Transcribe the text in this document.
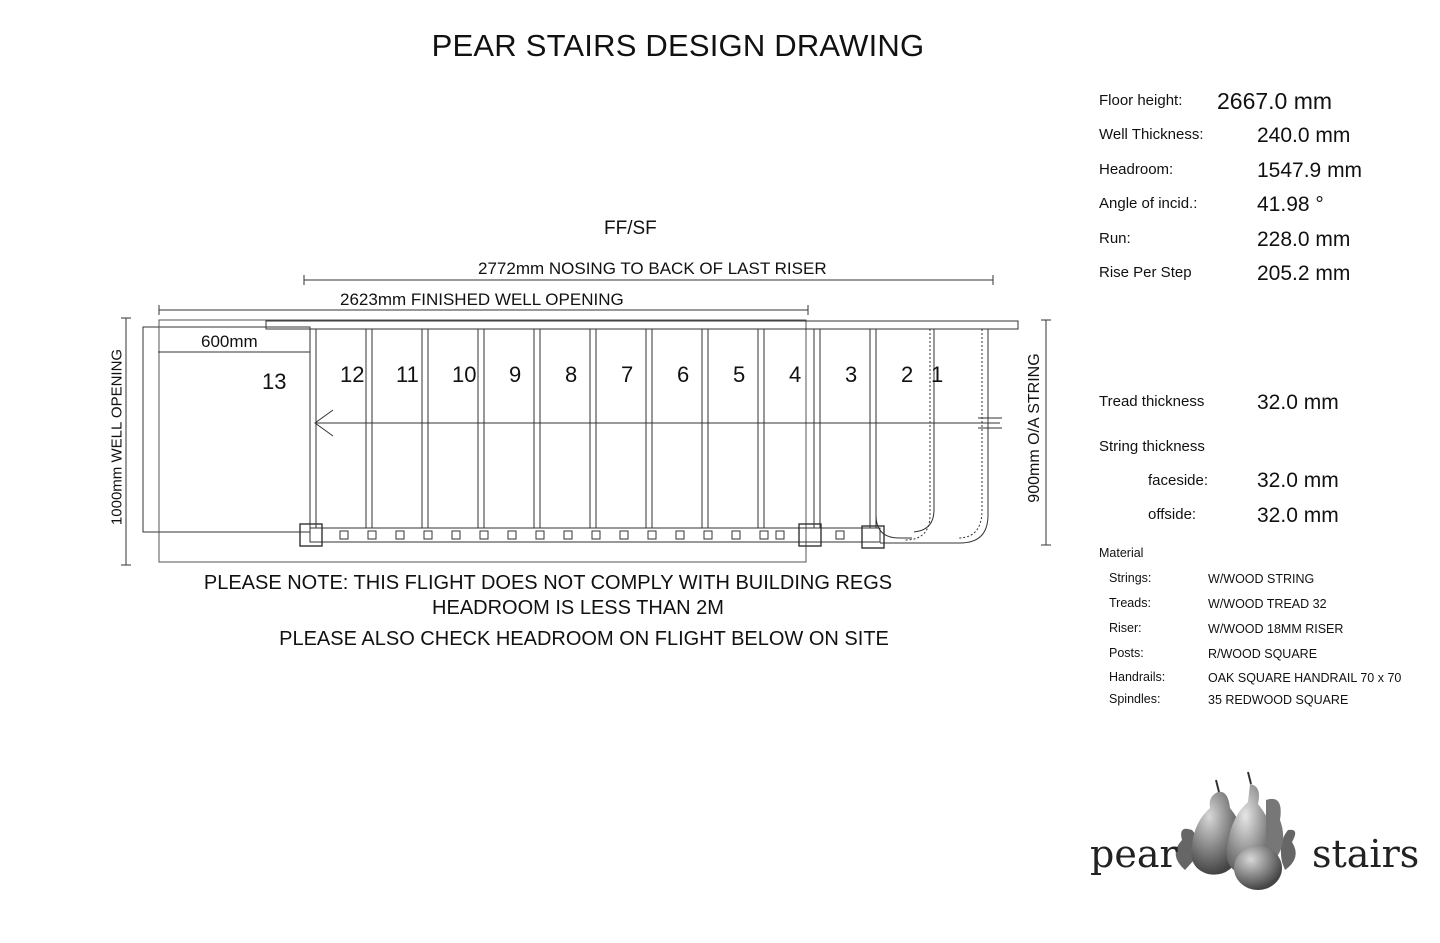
PEAR STAIRS DESIGN DRAWING
FF/SF
2772mm NOSING TO BACK OF LAST RISER
2623mm FINISHED WELL OPENING
600mm
1000mm WELL OPENING	900mm O/A STRING
13 12 11 10 9 8 7 6 5 4 3 2 1
PLEASE NOTE: THIS FLIGHT DOES NOT COMPLY WITH BUILDING REGS
HEADROOM IS LESS THAN 2M
PLEASE ALSO CHECK HEADROOM ON FLIGHT BELOW ON SITE
Floor height: 2667.0 mm
Well Thickness:	240.0 mm
Headroom:	1547.9 mm
Angle of incid.:	41.98 °
Run:	228.0 mm
Rise Per Step	205.2 mm
Tread thickness	32.0 mm
String thickness
faceside: 32.0 mm
offside:	32.0 mm
Material
Strings:	W/WOOD STRING
Treads:	W/WOOD TREAD 32
Riser:	W/WOOD 18MM RISER
Posts:	R/WOOD SQUARE
Handrails:	OAK SQUARE HANDRAIL 70 x 70
Spindles:	35 REDWOOD SQUARE
pear	stairs
